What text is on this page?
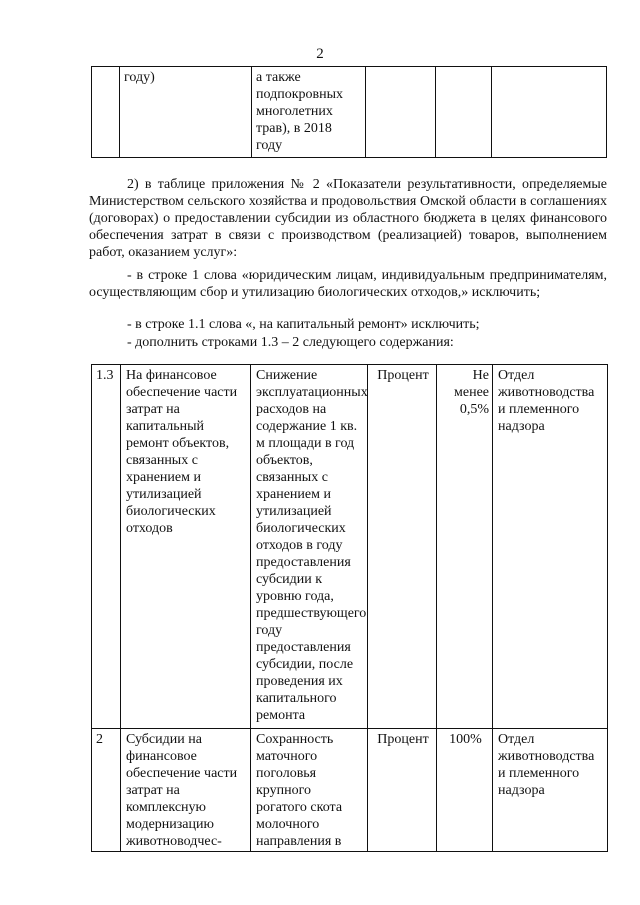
2
	году)	а также подпокровных многолетних трав), в 2018 году			
2) в таблице приложения № 2 «Показатели результативности, определяемые Министерством сельского хозяйства и продовольствия Омской области в соглашениях (договорах) о предоставлении субсидии из областного бюджета в целях финансового обеспечения затрат в связи с производством (реализацией) товаров, выполнением работ, оказанием услуг»:
- в строке 1 слова «юридическим лицам, индивидуальным предпринимателям, осуществляющим сбор и утилизацию биологических отходов,» исключить;
- в строке 1.1 слова «, на капитальный ремонт» исключить;
- дополнить строками 1.3 – 2 следующего содержания:
1.3	На финансовое обеспечение части затрат на капитальный ремонт объектов, связанных с хранением и утилизацией биологических отходов	Снижение эксплуатационных расходов на содержание 1 кв. м площади в год объектов, связанных с хранением и утилизацией биологических отходов в году предоставления субсидии к уровню года, предшествующего году предоставления субсидии, после проведения их капитального ремонта	Процент	Не менее 0,5%	Отдел животноводства и племенного надзора
2	Субсидии на финансовое обеспечение части затрат на комплексную модернизацию животноводчес-	Сохранность маточного поголовья крупного рогатого скота молочного направления в	Процент	100%	Отдел животноводства и племенного надзора
